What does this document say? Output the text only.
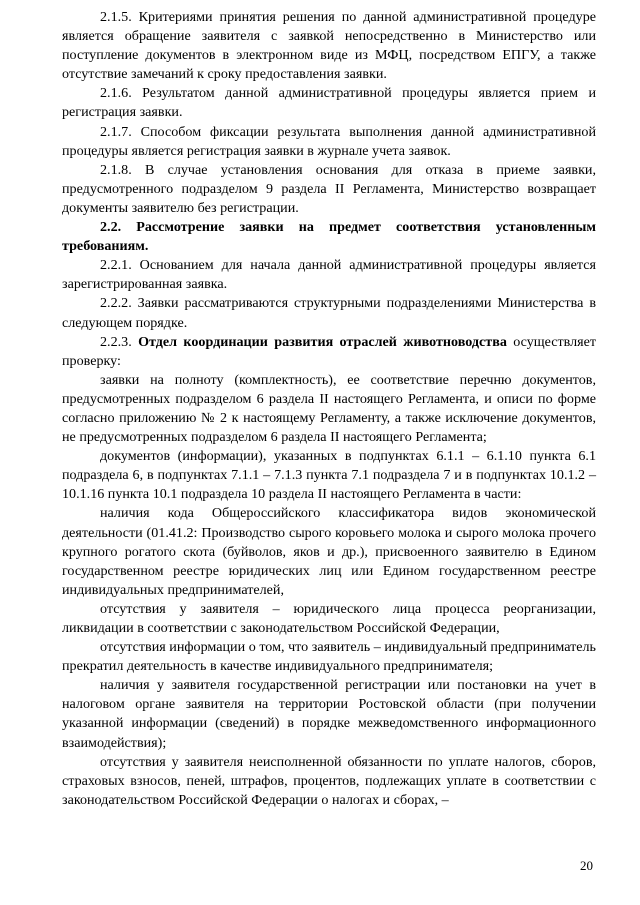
2.1.5. Критериями принятия решения по данной административной процедуре является обращение заявителя с заявкой непосредственно в Министерство или поступление документов в электронном виде из МФЦ, посредством ЕПГУ, а также отсутствие замечаний к сроку предоставления заявки.

2.1.6. Результатом данной административной процедуры является прием и регистрация заявки.

2.1.7. Способом фиксации результата выполнения данной административной процедуры является регистрация заявки в журнале учета заявок.

2.1.8. В случае установления основания для отказа в приеме заявки, предусмотренного подразделом 9 раздела II Регламента, Министерство возвращает документы заявителю без регистрации.

2.2. Рассмотрение заявки на предмет соответствия установленным требованиям.

2.2.1. Основанием для начала данной административной процедуры является зарегистрированная заявка.

2.2.2. Заявки рассматриваются структурными подразделениями Министерства в следующем порядке.

2.2.3. Отдел координации развития отраслей животноводства осуществляет проверку:

заявки на полноту (комплектность), ее соответствие перечню документов, предусмотренных подразделом 6 раздела II настоящего Регламента, и описи по форме согласно приложению № 2 к настоящему Регламенту, а также исключение документов, не предусмотренных подразделом 6 раздела II настоящего Регламента;

документов (информации), указанных в подпунктах 6.1.1 – 6.1.10 пункта 6.1 подраздела 6, в подпунктах 7.1.1 – 7.1.3 пункта 7.1 подраздела 7 и в подпунктах 10.1.2 – 10.1.16 пункта 10.1 подраздела 10 раздела II настоящего Регламента в части:

наличия кода Общероссийского классификатора видов экономической деятельности (01.41.2: Производство сырого коровьего молока и сырого молока прочего крупного рогатого скота (буйволов, яков и др.), присвоенного заявителю в Едином государственном реестре юридических лиц или Едином государственном реестре индивидуальных предпринимателей,

отсутствия у заявителя – юридического лица процесса реорганизации, ликвидации в соответствии с законодательством Российской Федерации,

отсутствия информации о том, что заявитель – индивидуальный предприниматель прекратил деятельность в качестве индивидуального предпринимателя;

наличия у заявителя государственной регистрации или постановки на учет в налоговом органе заявителя на территории Ростовской области (при получении указанной информации (сведений) в порядке межведомственного информационного взаимодействия);

отсутствия у заявителя неисполненной обязанности по уплате налогов, сборов, страховых взносов, пеней, штрафов, процентов, подлежащих уплате в соответствии с законодательством Российской Федерации о налогах и сборах, –

20
